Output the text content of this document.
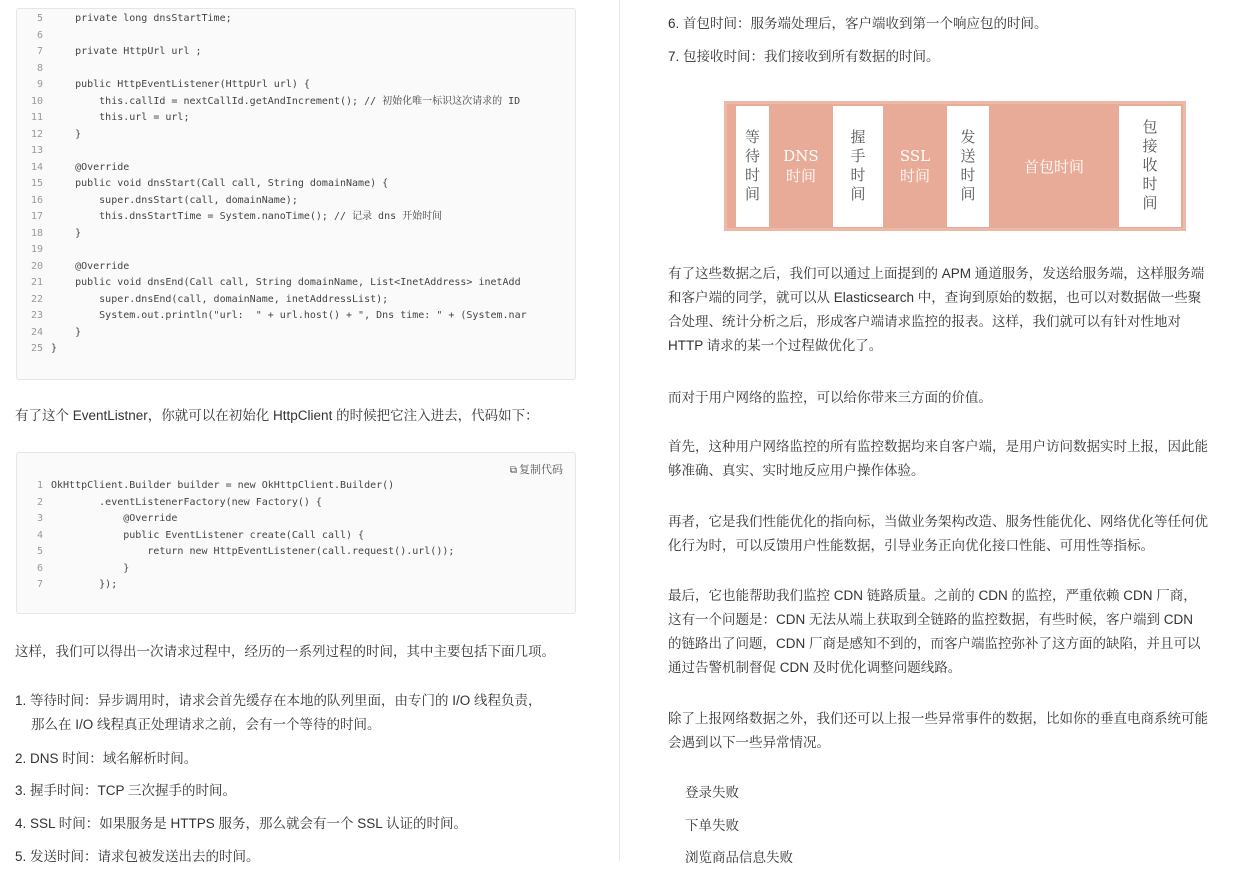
5    private long dnsStartTime;
6
7    private HttpUrl url ;
8
9    public HttpEventListener(HttpUrl url) {
10        this.callId = nextCallId.getAndIncrement(); // 初始化唯一标识这次请求的 ID
11        this.url = url;
12    }
13
14    @Override
15    public void dnsStart(Call call, String domainName) {
16        super.dnsStart(call, domainName);
17        this.dnsStartTime = System.nanoTime(); // 记录 dns 开始时间
18    }
19
20    @Override
21    public void dnsEnd(Call call, String domainName, List<InetAddress> inetAdd
22        super.dnsEnd(call, domainName, inetAddressList);
23        System.out.println("url:  " + url.host() + ", Dns time: " + (System.nar
24    }
25 }
有了这个 EventListner，你就可以在初始化 HttpClient 的时候把它注入进去，代码如下：
⧉ 复制代码
1 OkHttpClient.Builder builder = new OkHttpClient.Builder()
2        .eventListenerFactory(new Factory() {
3            @Override
4            public EventListener create(Call call) {
5                return new HttpEventListener(call.request().url());
6            }
7        });
这样，我们可以得出一次请求过程中，经历的一系列过程的时间，其中主要包括下面几项。
1. 等待时间：异步调用时，请求会首先缓存在本地的队列里面，由专门的 I/O 线程负责，
那么在 I/O 线程真正处理请求之前，会有一个等待的时间。
2. DNS 时间：域名解析时间。
3. 握手时间：TCP 三次握手的时间。
4. SSL 时间：如果服务是 HTTPS 服务，那么就会有一个 SSL 认证的时间。
5. 发送时间：请求包被发送出去的时间。
6. 首包时间：服务端处理后，客户端收到第一个响应包的时间。
7. 包接收时间：我们接收到所有数据的时间。
等待时间 DNS 时间 握手时间 SSL 时间 发送时间	首包时间	包接收时间
有了这些数据之后，我们可以通过上面提到的 APM 通道服务，发送给服务端，这样服务端
和客户端的同学，就可以从 Elasticsearch 中，查询到原始的数据，也可以对数据做一些聚
合处理、统计分析之后，形成客户端请求监控的报表。这样，我们就可以有针对性地对
HTTP 请求的某一个过程做优化了。
而对于用户网络的监控，可以给你带来三方面的价值。
首先，这种用户网络监控的所有监控数据均来自客户端，是用户访问数据实时上报，因此能
够准确、真实、实时地反应用户操作体验。
再者，它是我们性能优化的指向标，当做业务架构改造、服务性能优化、网络优化等任何优
化行为时，可以反馈用户性能数据，引导业务正向优化接口性能、可用性等指标。
最后，它也能帮助我们监控 CDN 链路质量。之前的 CDN 的监控，严重依赖 CDN 厂商，
这有一个问题是：CDN 无法从端上获取到全链路的监控数据，有些时候，客户端到 CDN
的链路出了问题，CDN 厂商是感知不到的，而客户端监控弥补了这方面的缺陷，并且可以
通过告警机制督促 CDN 及时优化调整问题线路。
除了上报网络数据之外，我们还可以上报一些异常事件的数据，比如你的垂直电商系统可能
会遇到以下一些异常情况。
登录失败
下单失败
浏览商品信息失败
